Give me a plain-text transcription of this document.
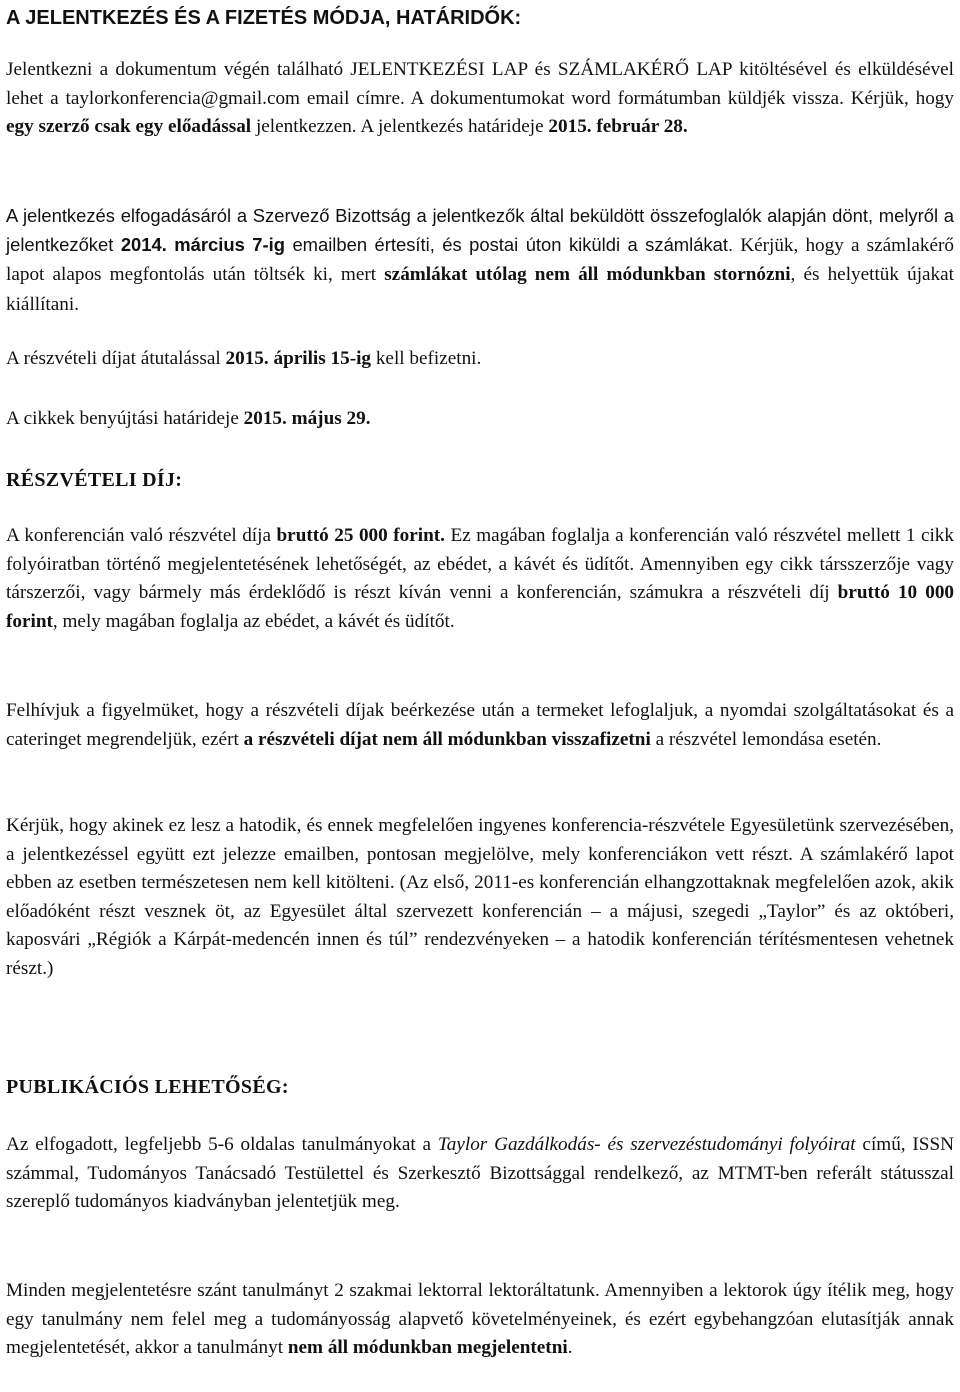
A JELENTKEZÉS ÉS A FIZETÉS MÓDJA, HATÁRIDŐK:

Jelentkezni a dokumentum végén található JELENTKEZÉSI LAP és SZÁMLAKÉRŐ LAP kitöltésével és elküldésével lehet a taylorkonferencia@gmail.com email címre. A dokumentumokat word formátumban küldjék vissza. Kérjük, hogy egy szerző csak egy előadással jelentkezzen. A jelentkezés határideje 2015. február 28.

A jelentkezés elfogadásáról a Szervező Bizottság a jelentkezők által beküldött összefoglalók alapján dönt, melyről a jelentkezőket 2014. március 7-ig emailben értesíti, és postai úton kiküldi a számlákat. Kérjük, hogy a számlakérő lapot alapos megfontolás után töltsék ki, mert számlákat utólag nem áll módunkban stornózni, és helyettük újakat kiállítani.

A részvételi díjat átutalással 2015. április 15-ig kell befizetni.

A cikkek benyújtási határideje 2015. május 29.

RÉSZVÉTELI DÍJ:

A konferencián való részvétel díja bruttó 25 000 forint. Ez magában foglalja a konferencián való részvétel mellett 1 cikk folyóiratban történő megjelentetésének lehetőségét, az ebédet, a kávét és üdítőt. Amennyiben egy cikk társszerzője vagy társzerzői, vagy bármely más érdeklődő is részt kíván venni a konferencián, számukra a részvételi díj bruttó 10 000 forint, mely magában foglalja az ebédet, a kávét és üdítőt.

Felhívjuk a figyelmüket, hogy a részvételi díjak beérkezése után a termeket lefoglaljuk, a nyomdai szolgáltatásokat és a cateringet megrendeljük, ezért a részvételi díjat nem áll módunkban visszafizetni a részvétel lemondása esetén.

Kérjük, hogy akinek ez lesz a hatodik, és ennek megfelelően ingyenes konferencia-részvétele Egyesületünk szervezésében, a jelentkezéssel együtt ezt jelezze emailben, pontosan megjelölve, mely konferenciákon vett részt. A számlakérő lapot ebben az esetben természetesen nem kell kitölteni. (Az első, 2011-es konferencián elhangzottaknak megfelelően azok, akik előadóként részt vesznek öt, az Egyesület által szervezett konferencián – a májusi, szegedi „Taylor” és az októberi, kaposvári „Régiók a Kárpát-medencén innen és túl” rendezvényeken – a hatodik konferencián térítésmentesen vehetnek részt.)

PUBLIKÁCIÓS LEHETŐSÉG:

Az elfogadott, legfeljebb 5-6 oldalas tanulmányokat a Taylor Gazdálkodás- és szervezéstudományi folyóirat című, ISSN számmal, Tudományos Tanácsadó Testülettel és Szerkesztő Bizottsággal rendelkező, az MTMT-ben referált státusszal szereplő tudományos kiadványban jelentetjük meg.

Minden megjelentetésre szánt tanulmányt 2 szakmai lektorral lektoráltatunk. Amennyiben a lektorok úgy ítélik meg, hogy egy tanulmány nem felel meg a tudományosság alapvető követelményeinek, és ezért egybehangzóan elutasítják annak megjelentetését, akkor a tanulmányt nem áll módunkban megjelentetni.
